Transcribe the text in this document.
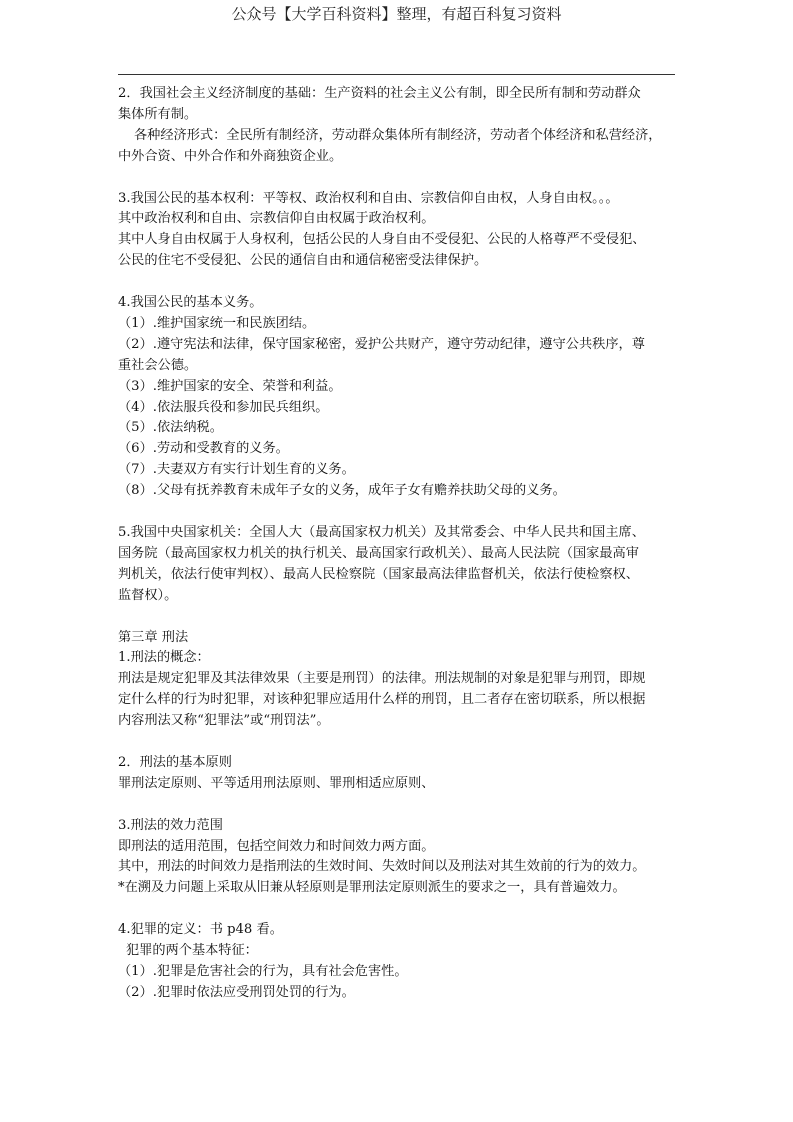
公众号【大学百科资料】整理，有超百科复习资料

2．我国社会主义经济制度的基础：生产资料的社会主义公有制，即全民所有制和劳动群众

集体所有制。

各种经济形式：全民所有制经济，劳动群众集体所有制经济，劳动者个体经济和私营经济，

中外合资、中外合作和外商独资企业。

3.我国公民的基本权利：平等权、政治权利和自由、宗教信仰自由权，人身自由权。。。

其中政治权利和自由、宗教信仰自由权属于政治权利。

其中人身自由权属于人身权利，包括公民的人身自由不受侵犯、公民的人格尊严不受侵犯、

公民的住宅不受侵犯、公民的通信自由和通信秘密受法律保护。

4.我国公民的基本义务。

（1）.维护国家统一和民族团结。

（2）.遵守宪法和法律，保守国家秘密，爱护公共财产，遵守劳动纪律，遵守公共秩序，尊

重社会公德。

（3）.维护国家的安全、荣誉和利益。

（4）.依法服兵役和参加民兵组织。

（5）.依法纳税。

（6）.劳动和受教育的义务。

（7）.夫妻双方有实行计划生育的义务。

（8）.父母有抚养教育未成年子女的义务，成年子女有赡养扶助父母的义务。

5.我国中央国家机关：全国人大（最高国家权力机关）及其常委会、中华人民共和国主席、

国务院（最高国家权力机关的执行机关、最高国家行政机关）、最高人民法院（国家最高审

判机关，依法行使审判权）、最高人民检察院（国家最高法律监督机关，依法行使检察权、

监督权）。

第三章 刑法

1.刑法的概念：

刑法是规定犯罪及其法律效果（主要是刑罚）的法律。刑法规制的对象是犯罪与刑罚，即规

定什么样的行为时犯罪，对该种犯罪应适用什么样的刑罚，且二者存在密切联系，所以根据

内容刑法又称“犯罪法”或“刑罚法”。

2．刑法的基本原则

罪刑法定原则、平等适用刑法原则、罪刑相适应原则、

3.刑法的效力范围

即刑法的适用范围，包括空间效力和时间效力两方面。

其中，刑法的时间效力是指刑法的生效时间、失效时间以及刑法对其生效前的行为的效力。

*在溯及力问题上采取从旧兼从轻原则是罪刑法定原则派生的要求之一，具有普遍效力。

4.犯罪的定义：书 p48 看。

犯罪的两个基本特征：

（1）.犯罪是危害社会的行为，具有社会危害性。

（2）.犯罪时依法应受刑罚处罚的行为。
